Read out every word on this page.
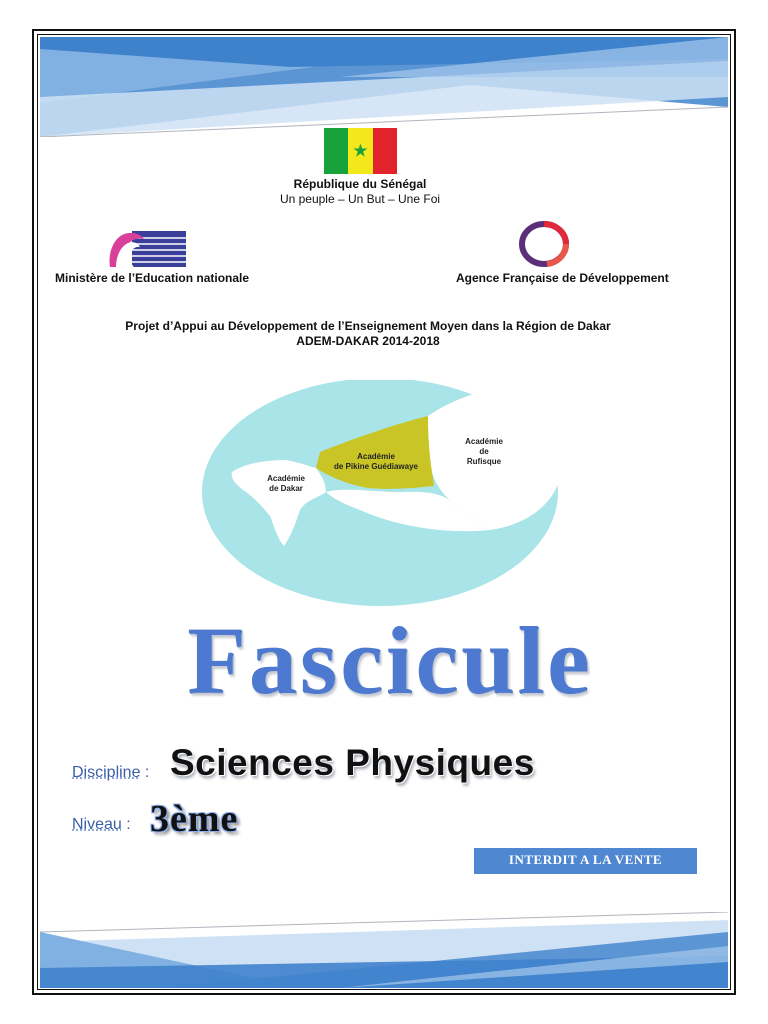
★
République du Sénégal
Un peuple – Un But – Une Foi
Ministère de l’Education nationale	Agence Française de Développement
Projet d’Appui au Développement de l’Enseignement Moyen dans la Région de Dakar
ADEM-DAKAR 2014-2018
Académie
de Dakar
Académie
de Pikine Guédiawaye
Académie
de
Rufisque
Fascicule
Discipline : Sciences Physiques
Niveau : 3ème
INTERDIT A LA VENTE
